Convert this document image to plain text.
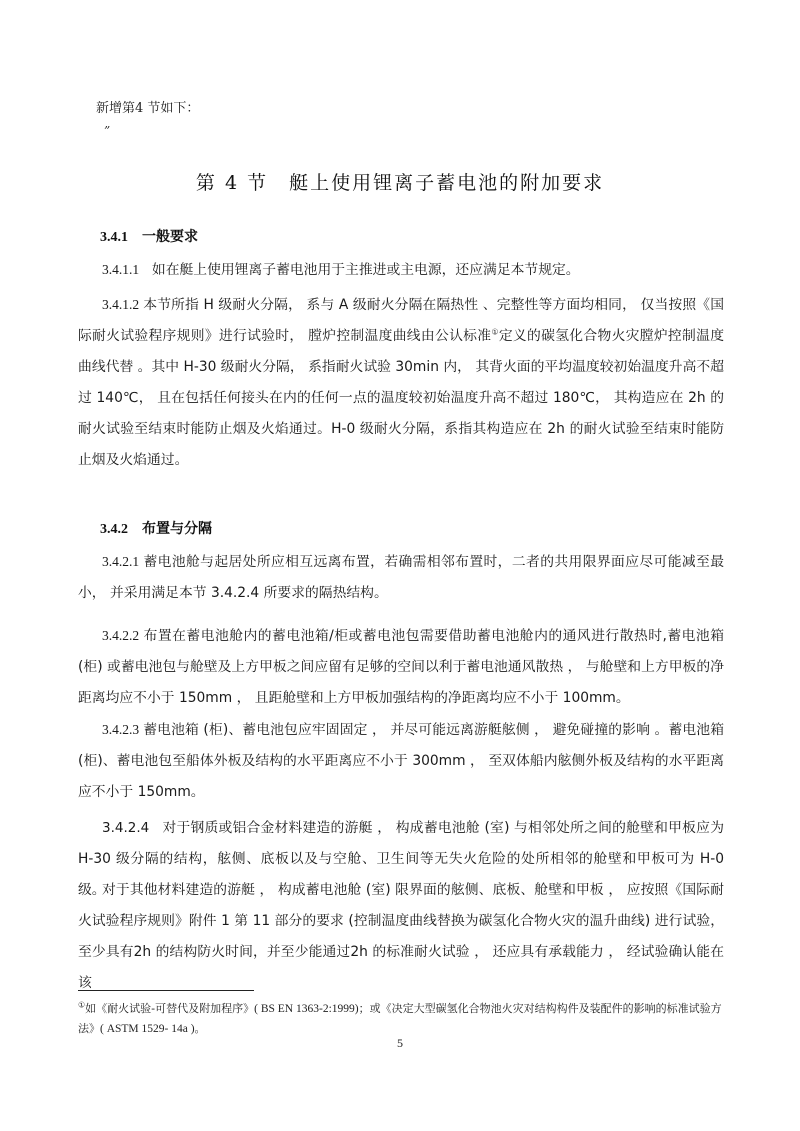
新增第4 节如下：
”
第 4 节　艇上使用锂离子蓄电池的附加要求
3.4.1 一般要求
3.4.1.1 如在艇上使用锂离子蓄电池用于主推进或主电源，还应满足本节规定。
3.4.1.2 本节所指 H 级耐火分隔， 系与 A 级耐火分隔在隔热性 、完整性等方面均相同， 仅当按照《国际耐火试验程序规则》进行试验时， 膛炉控制温度曲线由公认标准①定义的碳氢化合物火灾膛炉控制温度曲线代替 。其中 H-30 级耐火分隔， 系指耐火试验 30min 内， 其背火面的平均温度较初始温度升高不超过 140℃， 且在包括任何接头在内的任何一点的温度较初始温度升高不超过 180℃， 其构造应在 2h 的耐火试验至结束时能防止烟及火焰通过。H-0 级耐火分隔，系指其构造应在 2h 的耐火试验至结束时能防止烟及火焰通过。
3.4.2 布置与分隔
3.4.2.1 蓄电池舱与起居处所应相互远离布置，若确需相邻布置时，二者的共用限界面应尽可能减至最小， 并采用满足本节 3.4.2.4 所要求的隔热结构。
3.4.2.2 布置在蓄电池舱内的蓄电池箱/柜或蓄电池包需要借助蓄电池舱内的通风进行散热时,蓄电池箱 (柜) 或蓄电池包与舱壁及上方甲板之间应留有足够的空间以利于蓄电池通风散热 ， 与舱壁和上方甲板的净距离均应不小于 150mm ， 且距舱壁和上方甲板加强结构的净距离均应不小于 100mm。
3.4.2.3 蓄电池箱 (柜)、蓄电池包应牢固固定 ， 并尽可能远离游艇舷侧 ， 避免碰撞的影响 。蓄电池箱 (柜)、蓄电池包至船体外板及结构的水平距离应不小于 300mm ， 至双体船内舷侧外板及结构的水平距离应不小于 150mm。
3.4.2.4 对于钢质或铝合金材料建造的游艇 ， 构成蓄电池舱 (室) 与相邻处所之间的舱壁和甲板应为 H-30 级分隔的结构，舷侧、底板以及与空舱、卫生间等无失火危险的处所相邻的舱壁和甲板可为 H-0 级。
对于其他材料建造的游艇 ， 构成蓄电池舱 (室) 限界面的舷侧、底板、舱壁和甲板 ， 应按照《国际耐火试验程序规则》附件 1 第 11 部分的要求 (控制温度曲线替换为碳氢化合物火灾的温升曲线) 进行试验，至少具有2h 的结构防火时间，并至少能通过2h 的标准耐火试验 ， 还应具有承载能力 ， 经试验确认能在该
①如《耐火试验-可替代及附加程序》( BS EN 1363-2:1999)；或《决定大型碳氢化合物池火灾对结构构件及装配件的影响的标准试验方法》( ASTM 1529- 14a )。
5
